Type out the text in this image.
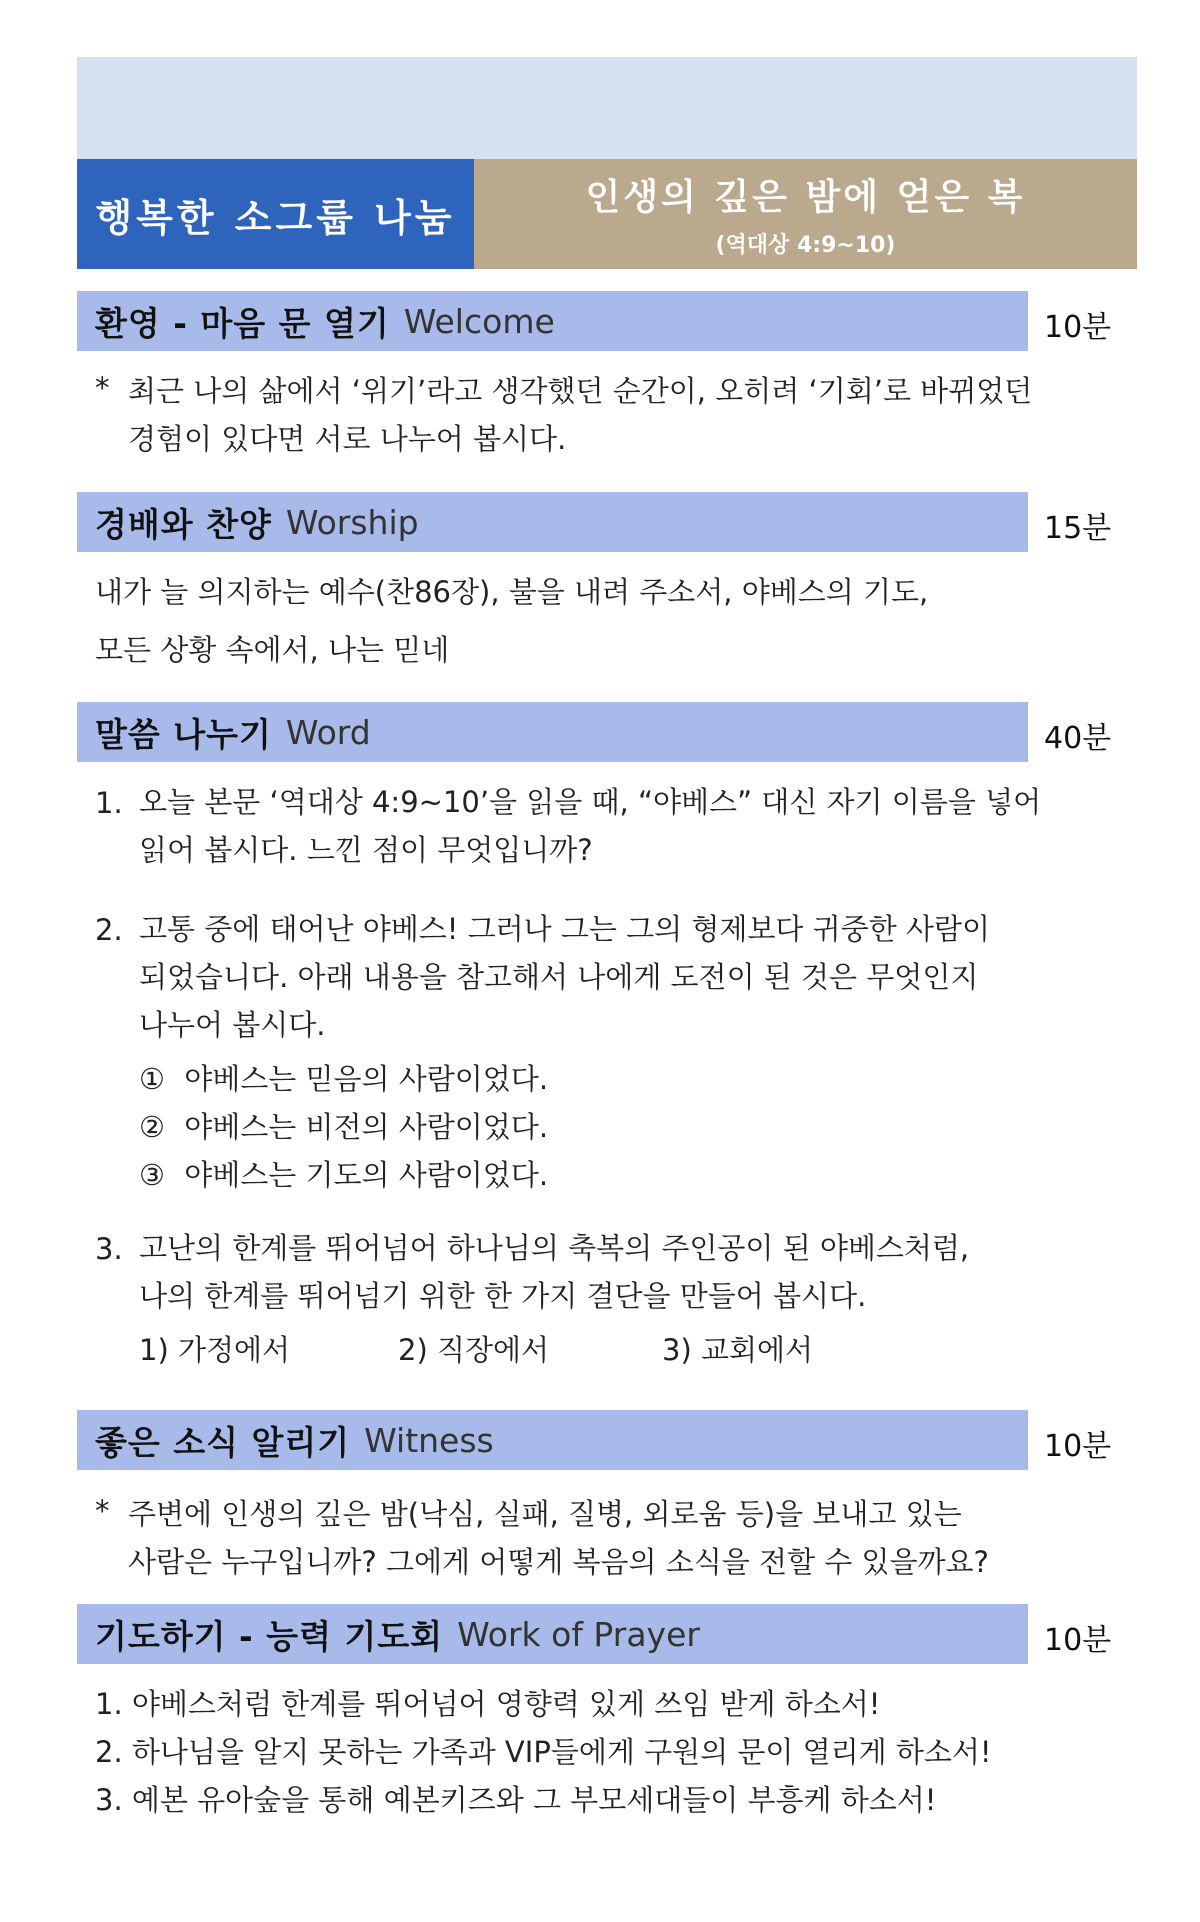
행복한 소그룹 나눔	인생의 깊은 밤에 얻은 복
(역대상 4:9~10)
환영 - 마음 문 열기 Welcome	10분
* 최근 나의 삶에서 ‘위기’라고 생각했던 순간이, 오히려 ‘기회’로 바뀌었던
경험이 있다면 서로 나누어 봅시다.
경배와 찬양 Worship	15분
내가 늘 의지하는 예수(찬86장), 불을 내려 주소서, 야베스의 기도,
모든 상황 속에서, 나는 믿네
말씀 나누기 Word	40분
1. 오늘 본문 ‘역대상 4:9~10’을 읽을 때, “야베스” 대신 자기 이름을 넣어
읽어 봅시다. 느낀 점이 무엇입니까?
2. 고통 중에 태어난 야베스! 그러나 그는 그의 형제보다 귀중한 사람이
되었습니다. 아래 내용을 참고해서 나에게 도전이 된 것은 무엇인지
나누어 봅시다.
① 야베스는 믿음의 사람이었다.
② 야베스는 비전의 사람이었다.
③ 야베스는 기도의 사람이었다.
3. 고난의 한계를 뛰어넘어 하나님의 축복의 주인공이 된 야베스처럼,
나의 한계를 뛰어넘기 위한 한 가지 결단을 만들어 봅시다.
1) 가정에서	2) 직장에서	3) 교회에서
좋은 소식 알리기 Witness	10분
* 주변에 인생의 깊은 밤(낙심, 실패, 질병, 외로움 등)을 보내고 있는
사람은 누구입니까? 그에게 어떻게 복음의 소식을 전할 수 있을까요?
기도하기 - 능력 기도회 Work of Prayer	10분
1. 야베스처럼 한계를 뛰어넘어 영향력 있게 쓰임 받게 하소서!
2. 하나님을 알지 못하는 가족과 VIP들에게 구원의 문이 열리게 하소서!
3. 예본 유아숲을 통해 예본키즈와 그 부모세대들이 부흥케 하소서!
